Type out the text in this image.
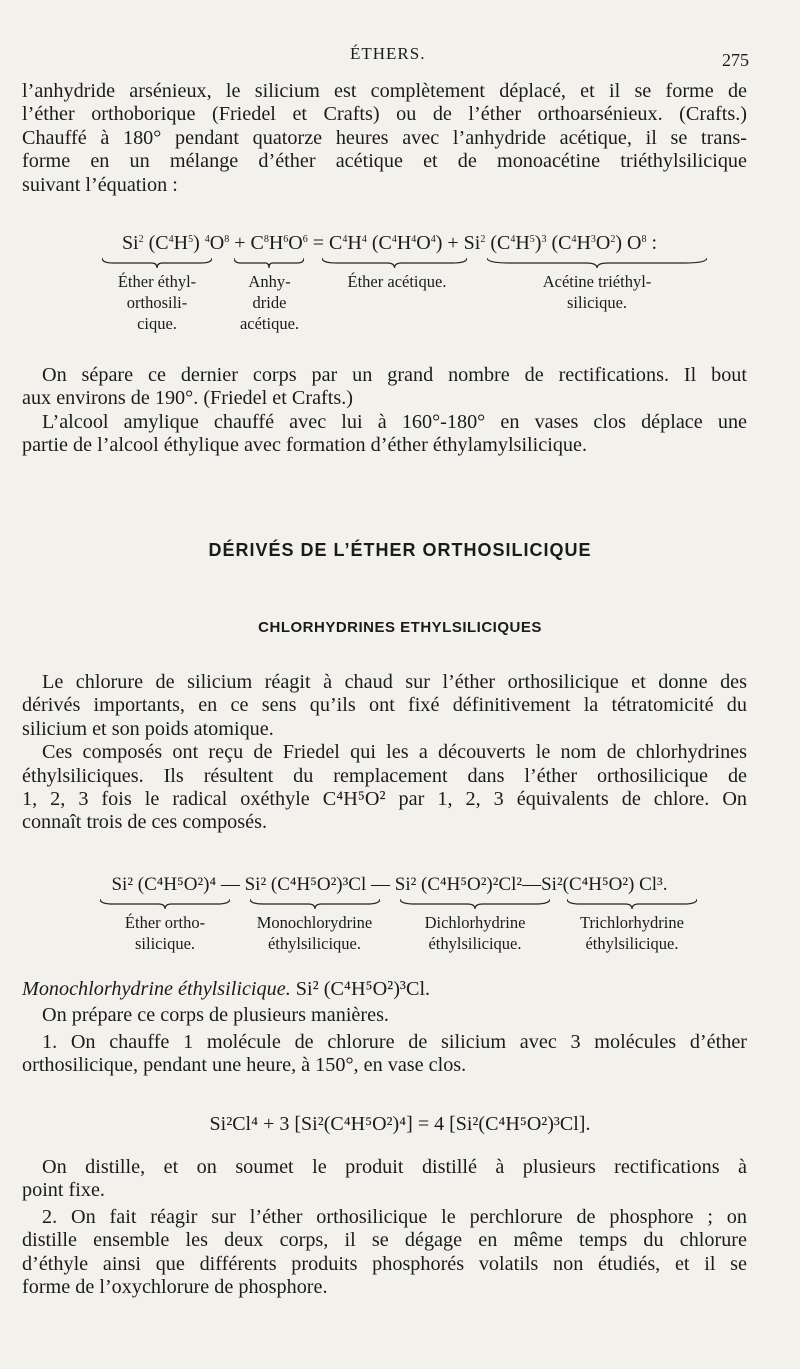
ÉTHERS.	275
l’anhydride arsénieux, le silicium est complètement déplacé, et il se forme de
l’éther orthoborique (Friedel et Crafts) ou de l’éther orthoarsénieux. (Crafts.)
Chauffé à 180° pendant quatorze heures avec l’anhydride acétique, il se trans-
forme en un mélange d’éther acétique et de monoacétine triéthylsilicique
suivant l’équation :
Si$^2$ $(C^4H^5) ^4O^8 + C^8H^6O^6 = C^4H^4$ $(C^4H^4O^4) + Si^2$ $(C^4H^5)^3$ $(C^4H^3O^2)$ $O^8$ :
Éther éthyl-
orthosili-
cique.
Anhy-
dride
acétique.
Éther acétique.	Acétine triéthyl-
silicique.
On sépare ce dernier corps par un grand nombre de rectifications. Il bout
aux environs de 190°. (Friedel et Crafts.)
L’alcool amylique chauffé avec lui à 160°-180° en vases clos déplace une
partie de l’alcool éthylique avec formation d’éther éthylamylsilicique.
DÉRIVÉS DE L’ÉTHER ORTHOSILICIQUE
CHLORHYDRINES ETHYLSILICIQUES
Le chlorure de silicium réagit à chaud sur l’éther orthosilicique et donne des
dérivés importants, en ce sens qu’ils ont fixé définitivement la tétratomicité du
silicium et son poids atomique.
Ces composés ont reçu de Friedel qui les a découverts le nom de chlorhydrines
éthylsiliciques. Ils résultent du remplacement dans l’éther orthosilicique de
1, 2, 3 fois le radical oxéthyle C⁴H⁵O² par 1, 2, 3 équivalents de chlore. On
connaît trois de ces composés.
Si² (C⁴H⁵O²)⁴ — Si² (C⁴H⁵O²)³Cl — Si² (C⁴H⁵O²)²Cl²—Si²(C⁴H⁵O²) Cl³.
Éther ortho-
silicique.
Monochlorydrine
éthylsilicique.
Dichlorhydrine
éthylsilicique.
Trichlorhydrine
éthylsilicique.
Monochlorhydrine éthylsilicique. Si² (C⁴H⁵O²)³Cl.
On prépare ce corps de plusieurs manières.
1. On chauffe 1 molécule de chlorure de silicium avec 3 molécules d’éther
orthosilicique, pendant une heure, à 150°, en vase clos.
Si²Cl⁴ + 3 [Si²(C⁴H⁵O²)⁴] = 4 [Si²(C⁴H⁵O²)³Cl].
On distille, et on soumet le produit distillé à plusieurs rectifications à
point fixe.
2. On fait réagir sur l’éther orthosilicique le perchlorure de phosphore ; on
distille ensemble les deux corps, il se dégage en même temps du chlorure
d’éthyle ainsi que différents produits phosphorés volatils non étudiés, et il se
forme de l’oxychlorure de phosphore.
